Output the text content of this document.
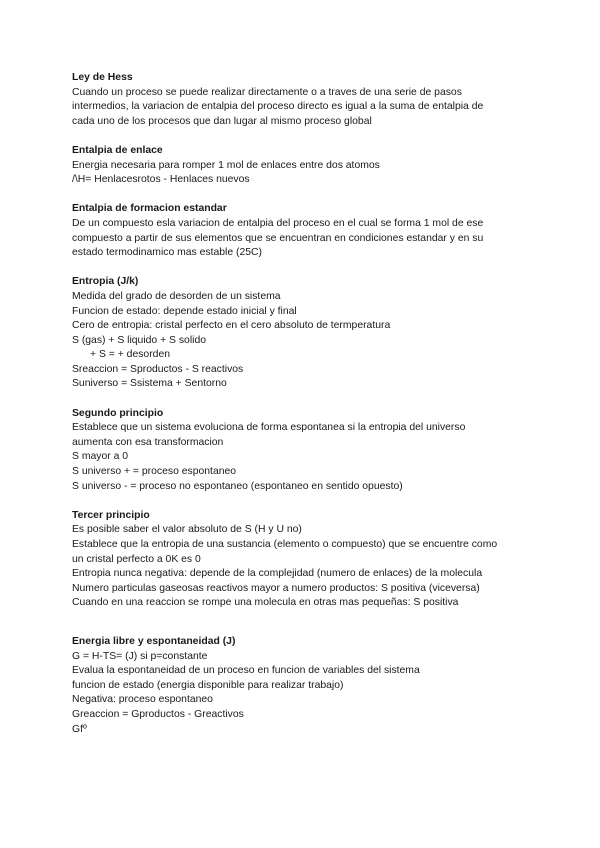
Ley de Hess
Cuando un proceso se puede realizar directamente o a traves de una serie de pasos
intermedios, la variacion de entalpia del proceso directo es igual a la suma de entalpia de
cada uno de los procesos que dan lugar al mismo proceso global
Entalpia de enlace
Energia necesaria para romper 1 mol de enlaces entre dos atomos
/\H= Henlacesrotos - Henlaces nuevos
Entalpia de formacion estandar
De un compuesto esla variacion de entalpia del proceso en el cual se forma 1 mol de ese
compuesto a partir de sus elementos que se encuentran en condiciones estandar y en su
estado termodinamico mas estable (25C)
Entropia (J/k)
Medida del grado de desorden de un sistema
Funcion de estado: depende estado inicial y final
Cero de entropia: cristal perfecto en el cero absoluto de termperatura
S (gas) + S liquido + S solido
+ S = + desorden
Sreaccion = Sproductos - S reactivos
Suniverso = Ssistema + Sentorno
Segundo principio
Establece que un sistema evoluciona de forma espontanea si la entropia del universo
aumenta con esa transformacion
S mayor a 0
S universo + = proceso espontaneo
S universo - = proceso no espontaneo (espontaneo en sentido opuesto)
Tercer principio
Es posible saber el valor absoluto de S (H y U no)
Establece que la entropia de una sustancia (elemento o compuesto) que se encuentre como
un cristal perfecto a 0K es 0
Entropia nunca negativa: depende de la complejidad (numero de enlaces) de la molecula
Numero particulas gaseosas reactivos mayor a numero productos: S positiva (viceversa)
Cuando en una reaccion se rompe una molecula en otras mas pequeñas: S positiva
Energia libre y espontaneidad (J)
G = H-TS= (J) si p=constante
Evalua la espontaneidad de un proceso en funcion de variables del sistema
funcion de estado (energia disponible para realizar trabajo)
Negativa: proceso espontaneo
Greaccion = Gproductos - Greactivos
Gfº
